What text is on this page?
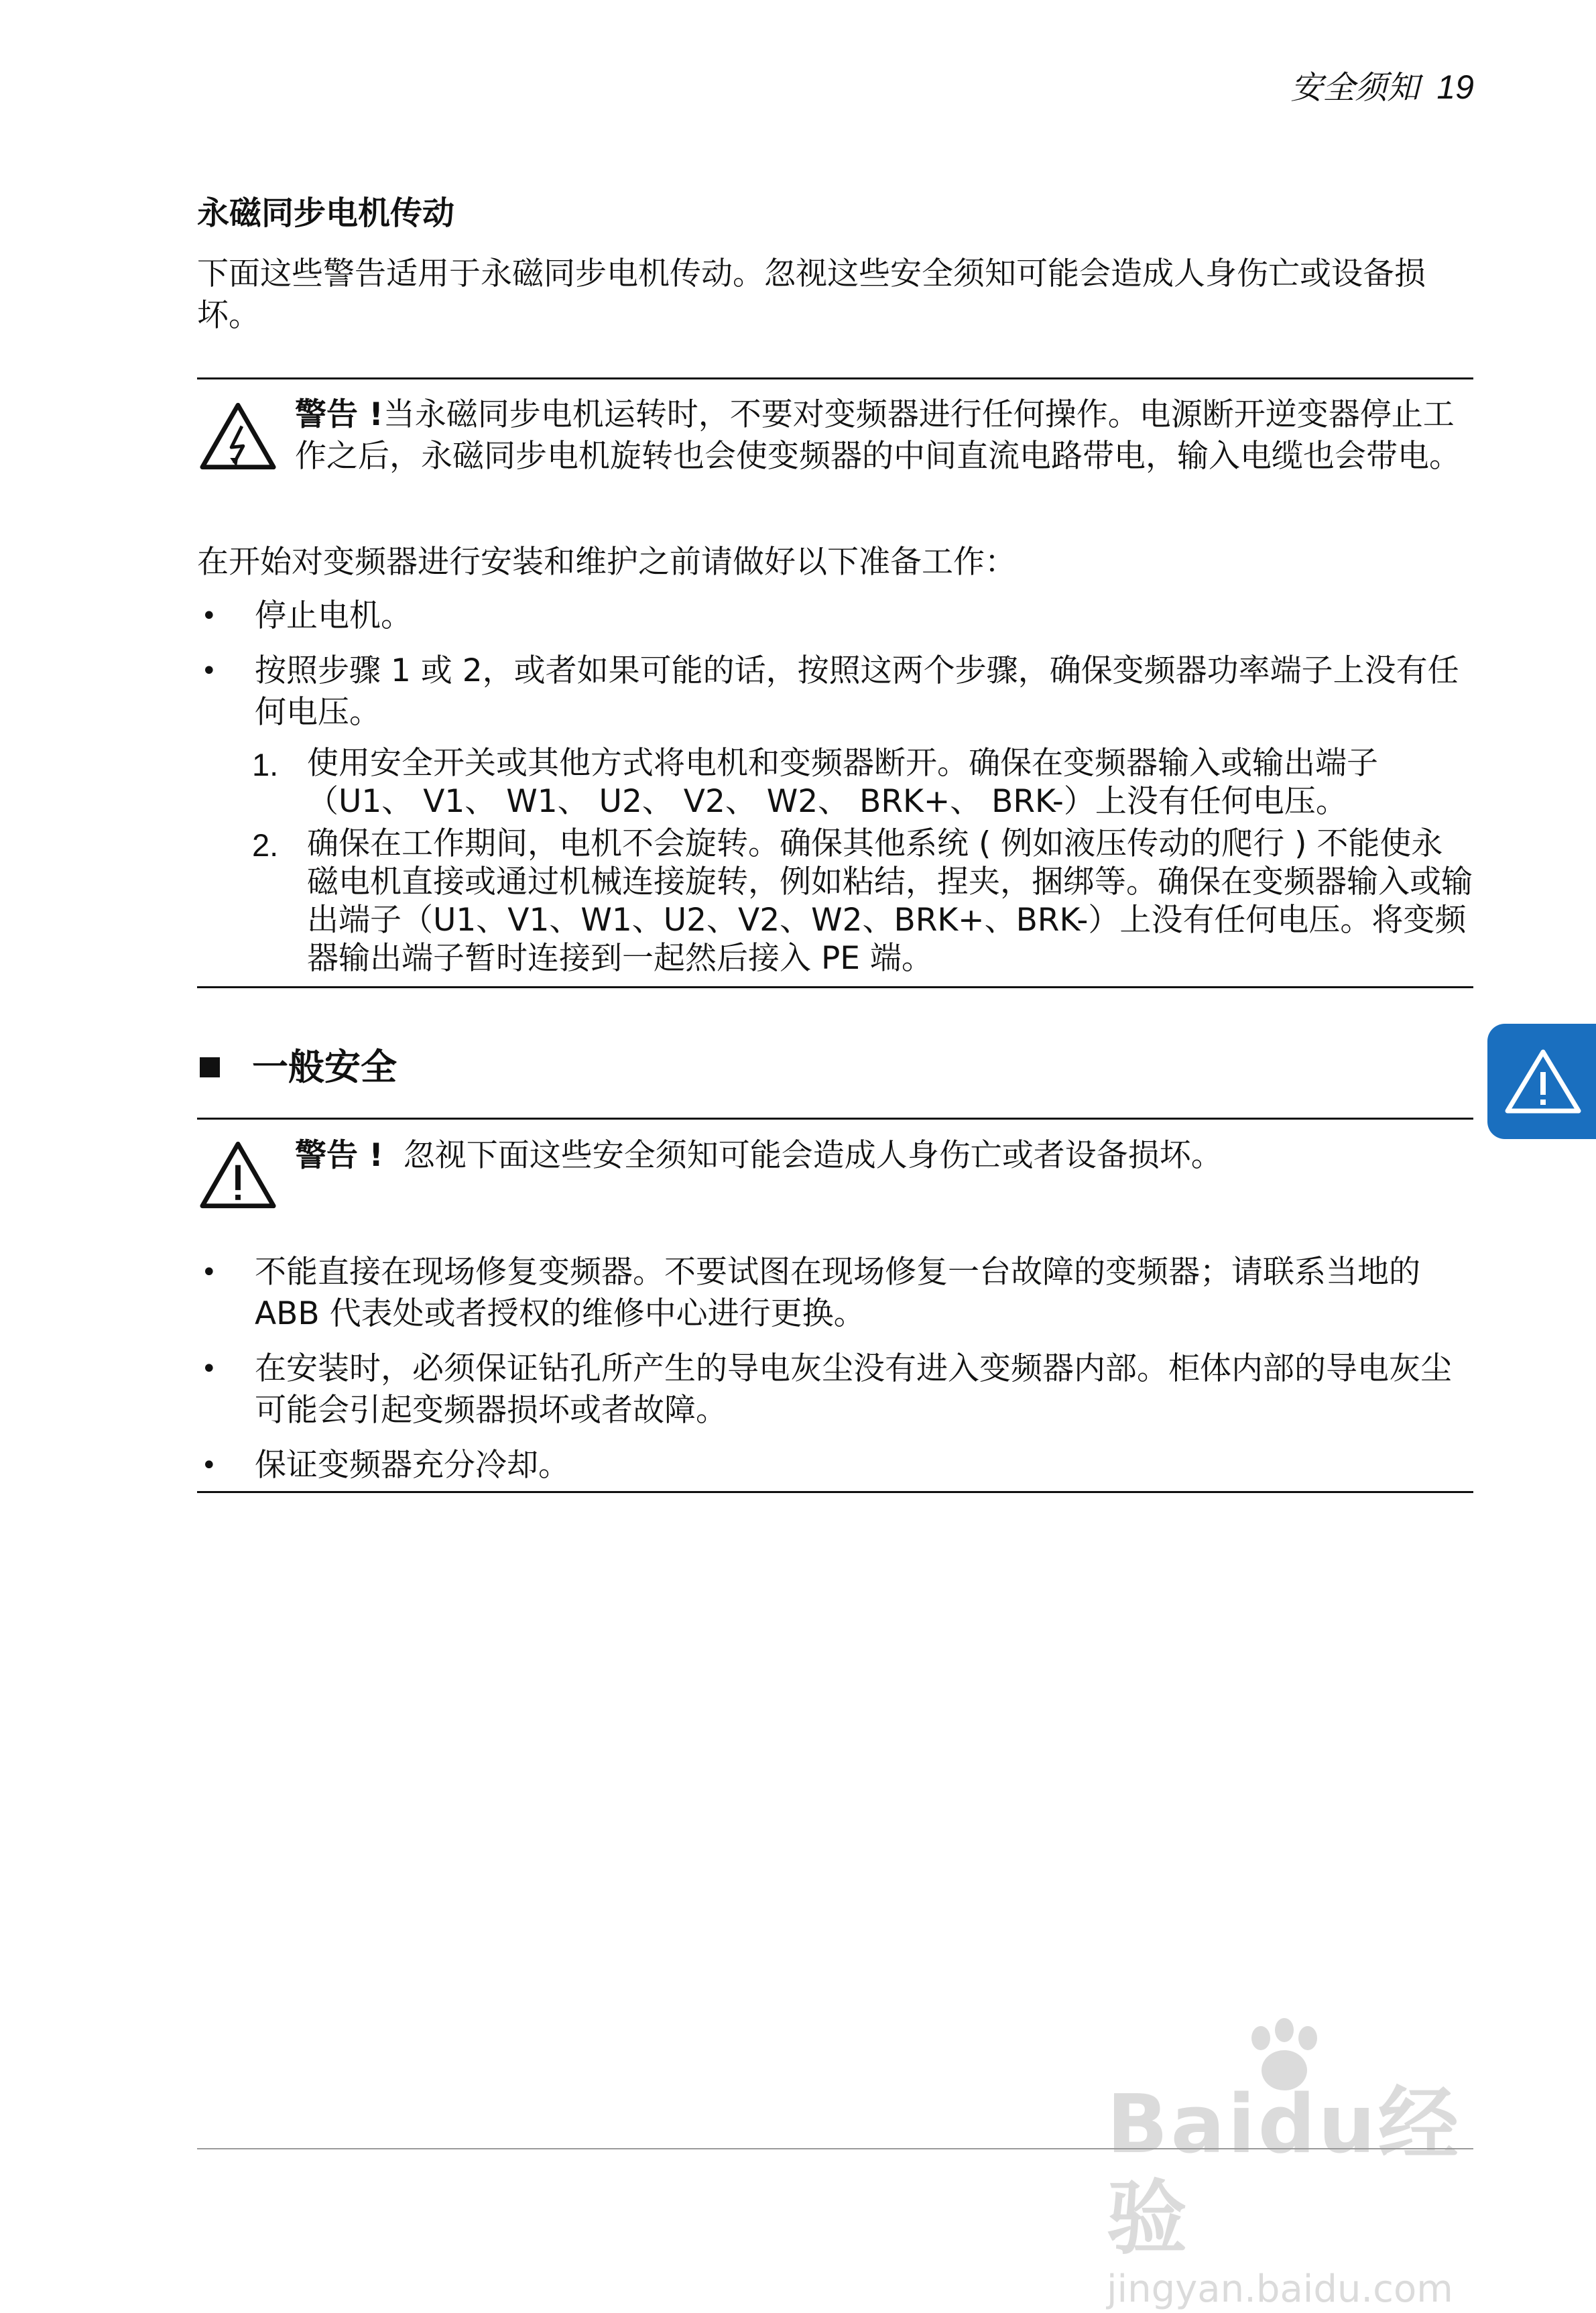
安全须知 19
永磁同步电机传动

下面这些警告适用于永磁同步电机传动。忽视这些安全须知可能会造成人身伤亡或设备损坏。

警告 !当永磁同步电机运转时，不要对变频器进行任何操作。电源断开逆变器停止工作之后，永磁同步电机旋转也会使变频器的中间直流电路带电，输入电缆也会带电。

在开始对变频器进行安装和维护之前请做好以下准备工作：

•	停止电机。
•	按照步骤 1 或 2，或者如果可能的话，按照这两个步骤，确保变频器功率端子上没有任何电压。
1. 使用安全开关或其他方式将电机和变频器断开。确保在变频器输入或输出端子（U1、 V1、 W1、 U2、 V2、 W2、 BRK+、 BRK-）上没有任何电压。
2. 确保在工作期间，电机不会旋转。确保其他系统 ( 例如液压传动的爬行 ) 不能使永磁电机直接或通过机械连接旋转，例如粘结，捏夹，捆绑等。确保在变频器输入或输出端子（U1、V1、W1、U2、V2、W2、BRK+、BRK-）上没有任何电压。将变频器输出端子暂时连接到一起然后接入 PE 端。
一般安全

警告 ! 忽视下面这些安全须知可能会造成人身伤亡或者设备损坏。

•	不能直接在现场修复变频器。不要试图在现场修复一台故障的变频器；请联系当地的 ABB 代表处或者授权的维修中心进行更换。
•	在安装时，必须保证钻孔所产生的导电灰尘没有进入变频器内部。柜体内部的导电灰尘可能会引起变频器损坏或者故障。
•	保证变频器充分冷却。
Baidu经验
jingyan.baidu.com
